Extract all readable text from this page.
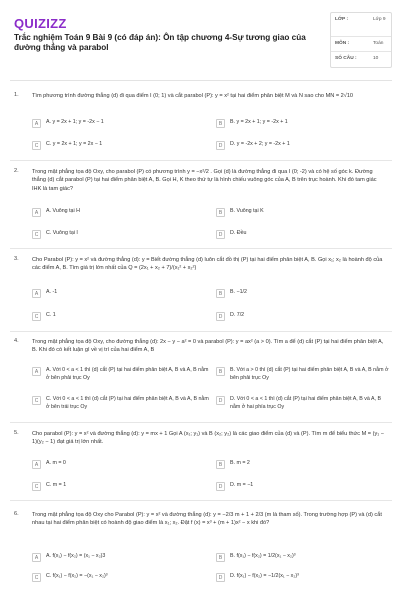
QUIZIZZ
Trắc nghiệm Toán 9 Bài 9 (có đáp án): Ôn tập chương 4-Sự tương giao của đường thẳng và parabol
LỚP :	Lớp 9
MÔN :	Toán
SỐ CÂU :	10
1. Tìm phương trình đường thẳng (d) đi qua điểm I (0; 1) và cắt parabol (P): y = x² tại hai điểm phân biệt M và N sao cho MN = 2√10
A	A. y = 2x + 1; y = -2x − 1	B	B. y = 2x + 1; y = -2x + 1
C	C. y = 2x + 1; y = 2x − 1	D	D. y = -2x + 2; y = -2x + 1
2. Trong mặt phẳng tọa độ Oxy, cho parabol (P) có phương trình y = −x²/2 . Gọi (d) là đường thẳng đi qua I (0; -2) và có hệ số góc k. Đường thẳng (d) cắt parabol (P) tại hai điểm phân biệt A, B. Gọi H, K theo thứ tự là hình chiếu vuông góc của A, B trên trục hoành. Khi đó tam giác IHK là tam giác?
A	A. Vuông tại H	B	B. Vuông tại K
C	C. Vuông tại I	D	D. Đều
3. Cho Parabol (P): y = x² và đường thẳng (d): y = Biết đường thẳng (d) luôn cắt đồ thị (P) tại hai điểm phân biệt A, B. Gọi x₁; x₂ là hoành độ của các điểm A, B. Tìm giá trị lớn nhất của Q = (2x₁ + x₂ + 7)/(x₁² + x₂²)
A	A. -1	B	B. −1/2
C	C. 1	D	D. 7/2
4. Trong mặt phẳng tọa độ Oxy, cho đường thẳng (d): 2x − y − a² = 0 và parabol (P): y = ax² (a > 0). Tìm a để (d) cắt (P) tại hai điểm phân biệt A, B. Khi đó có kết luận gì về vị trí của hai điểm A, B
A	A. Với 0 < a < 1 thì (d) cắt (P) tại hai điểm phân biệt A, B và A, B nằm ở bên phải trục Oy
B	B. Với a > 0 thì (d) cắt (P) tại hai điểm phân biệt A, B và A, B nằm ở bên phải trục Oy
C	C. Với 0 < a < 1 thì (d) cắt (P) tại hai điểm phân biệt A, B và A, B nằm ở bên trái trục Oy
D	D. Với 0 < a < 1 thì (d) cắt (P) tại hai điểm phân biệt A, B và A, B nằm ở hai phía trục Oy
5. Cho parabol (P): y = x² và đường thẳng (d): y = mx + 1 Gọi A (x₁; y₁) và B (x₂; y₂) là các giao điểm của (d) và (P). Tìm m để biểu thức M = (y₁ − 1)(y₂ − 1) đạt giá trị lớn nhất.
A	A. m = 0	B	B. m = 2
C	C. m = 1	D	D. m = −1
6. Trong mặt phẳng tọa độ Oxy cho Parabol (P): y = x² và đường thẳng (d): y = −2/3 m + 1 + 2/3 (m là tham số). Trong trường hợp (P) và (d) cắt nhau tại hai điểm phân biệt có hoành độ giao điểm là x₁; x₂. Đặt f (x) = x³ + (m + 1)x² − x khi đó?
A	A. f(x₁) − f(x₂) = (x₁ − x₂)3	B	B. f(x₁) − f(x₂) = 1/2(x₁ − x₂)³
C	C. f(x₁) − f(x₂) = −(x₁ − x₂)³	D	D. f(x₁) − f(x₂) = −1/2(x₁ − x₂)³
